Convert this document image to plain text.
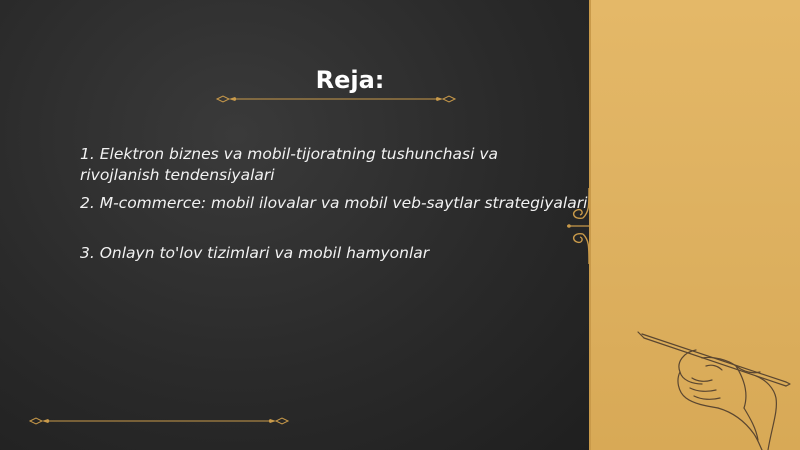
Reja:
1. Elektron biznes va mobil-tijoratning tushunchasi va rivojlanish tendensiyalari
2. M-commerce: mobil ilovalar va mobil veb-saytlar strategiyalari
3. Onlayn to'lov tizimlari va mobil hamyonlar
